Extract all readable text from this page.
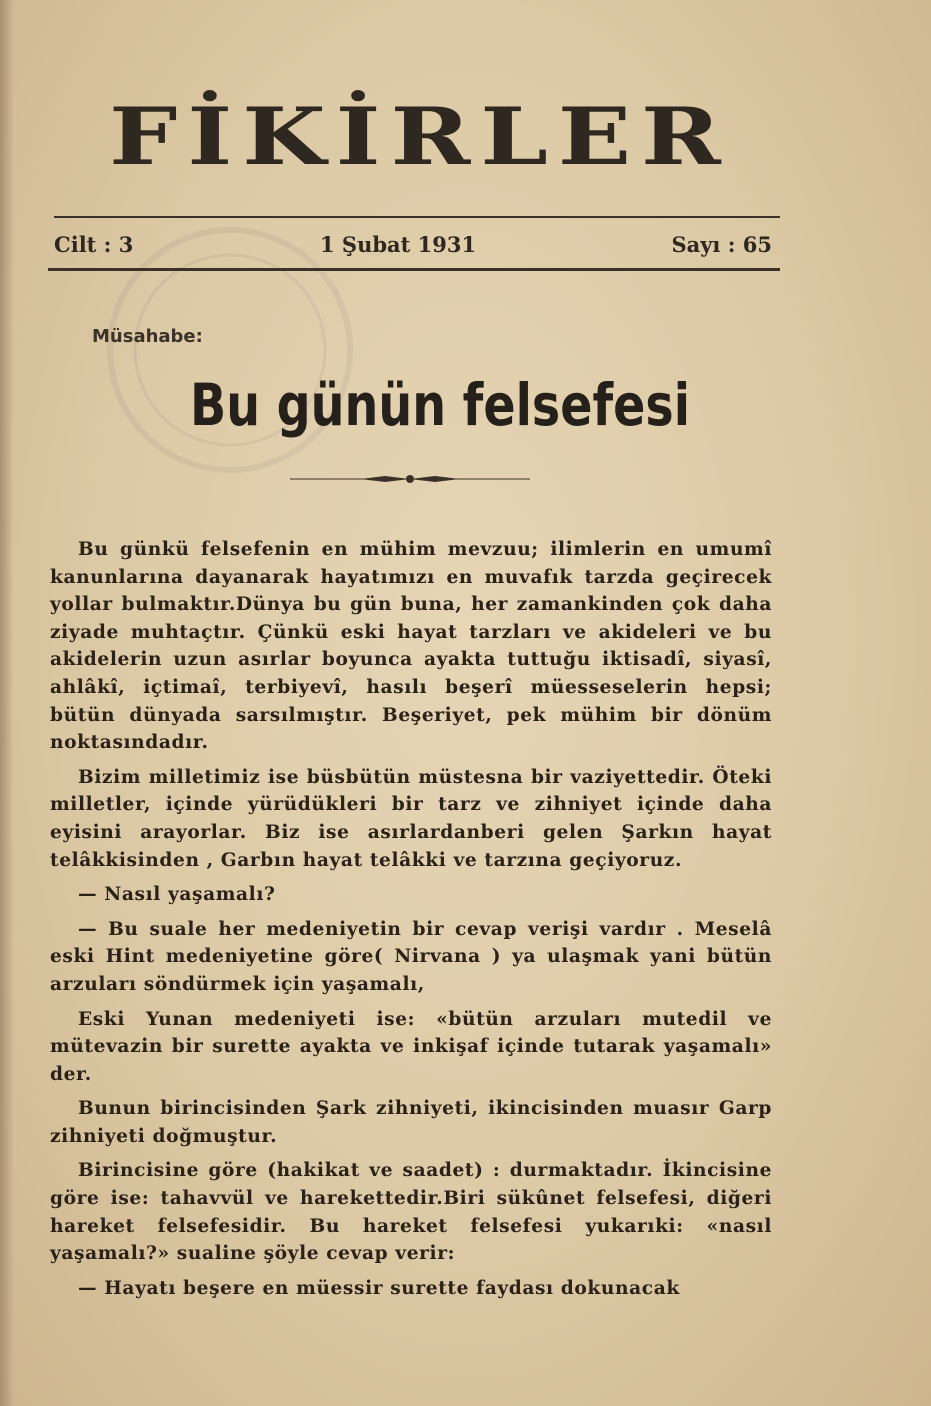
FİKİRLER
Cilt : 3	1 Şubat 1931	Sayı : 65
Müsahabe:
Bu günün felsefesi

Bu günkü felsefenin en mühim mevzuu; ilimlerin en umumî kanunlarına dayanarak hayatımızı en muvafık tarzda geçirecek yollar bulmaktır.Dünya bu gün buna, her zamankinden çok daha ziyade muhtaçtır. Çünkü eski hayat tarzları ve akideleri ve bu akidelerin uzun asırlar boyunca ayakta tuttuğu iktisadî, siyasî, ahlâkî, içtimaî, terbiyevî, hasılı beşerî müesseselerin hepsi; bütün dünyada sarsılmıştır. Beşeriyet, pek mühim bir dönüm noktasındadır.

Bizim milletimiz ise büsbütün müstesna bir vaziyettedir. Öteki milletler, içinde yürüdükleri bir tarz ve zihniyet içinde daha eyisini arayorlar. Biz ise asırlardanberi gelen Şarkın hayat telâkkisinden , Garbın hayat telâkki ve tarzına geçiyoruz.

— Nasıl yaşamalı?

— Bu suale her medeniyetin bir cevap verişi vardır . Meselâ eski Hint medeniyetine göre( Nirvana ) ya ulaşmak yani bütün arzuları söndürmek için yaşamalı,

Eski Yunan medeniyeti ise: «bütün arzuları mutedil ve mütevazin bir surette ayakta ve inkişaf içinde tutarak yaşamalı» der.

Bunun birincisinden Şark zihniyeti, ikincisinden muasır Garp zihniyeti doğmuştur.

Birincisine göre (hakikat ve saadet) : durmaktadır. İkincisine göre ise: tahavvül ve harekettedir.Biri sükûnet felsefesi, diğeri hareket felsefesidir. Bu hareket felsefesi yukarıki: «nasıl yaşamalı?» sualine şöyle cevap verir:

— Hayatı beşere en müessir surette faydası dokunacak
